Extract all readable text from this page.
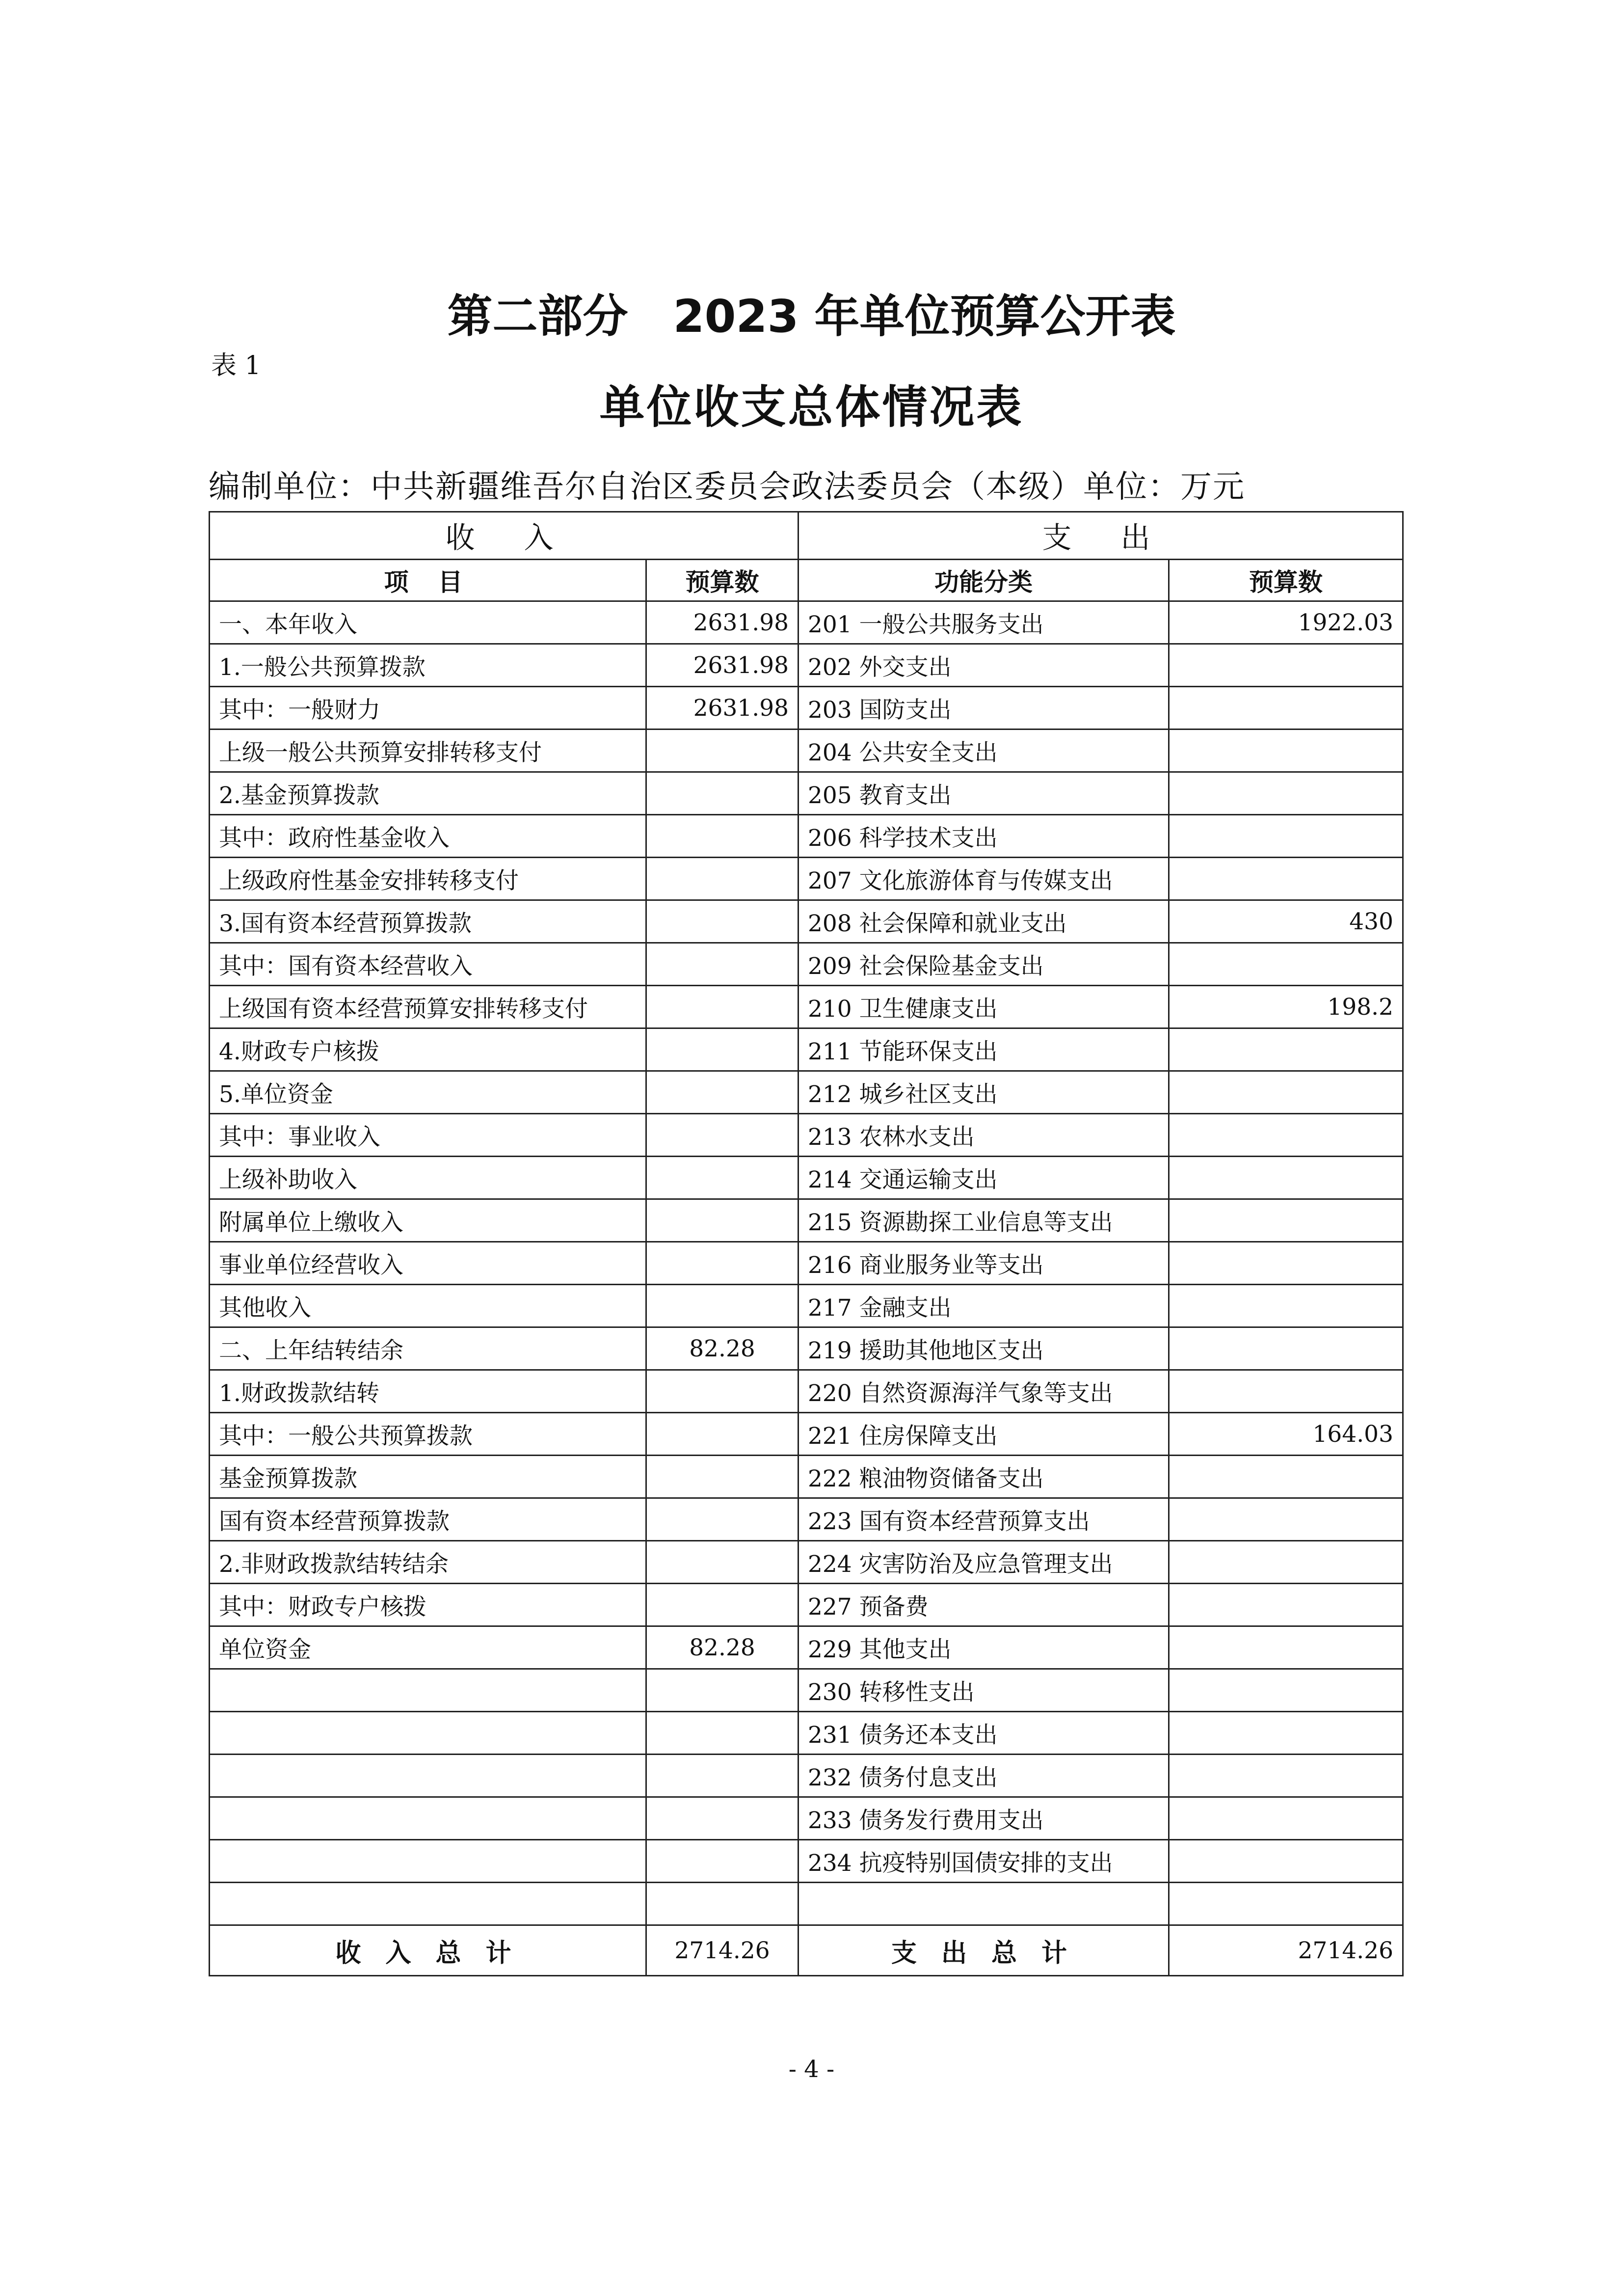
第二部分　2023 年单位预算公开表
表 1
单位收支总体情况表
编制单位：中共新疆维吾尔自治区委员会政法委员会（本级）单位：万元
收入		支出	
项目	预算数	功能分类	预算数
一、本年收入	2631.98	201 一般公共服务支出	1922.03
1.一般公共预算拨款	2631.98	202 外交支出	
其中：一般财力	2631.98	203 国防支出	
上级一般公共预算安排转移支付		204 公共安全支出	
2.基金预算拨款		205 教育支出	
其中：政府性基金收入		206 科学技术支出	
上级政府性基金安排转移支付		207 文化旅游体育与传媒支出	
3.国有资本经营预算拨款		208 社会保障和就业支出	430
其中：国有资本经营收入		209 社会保险基金支出	
上级国有资本经营预算安排转移支付		210 卫生健康支出	198.2
4.财政专户核拨		211 节能环保支出	
5.单位资金		212 城乡社区支出	
其中：事业收入		213 农林水支出	
上级补助收入		214 交通运输支出	
附属单位上缴收入		215 资源勘探工业信息等支出	
事业单位经营收入		216 商业服务业等支出	
其他收入		217 金融支出	
二、上年结转结余	82.28	219 援助其他地区支出	
1.财政拨款结转		220 自然资源海洋气象等支出	
其中：一般公共预算拨款		221 住房保障支出	164.03
基金预算拨款		222 粮油物资储备支出	
国有资本经营预算拨款		223 国有资本经营预算支出	
2.非财政拨款结转结余		224 灾害防治及应急管理支出	
其中：财政专户核拨		227 预备费	
单位资金	82.28	229 其他支出	
		230 转移性支出	
		231 债务还本支出	
		232 债务付息支出	
		233 债务发行费用支出	
		234 抗疫特别国债安排的支出	

收入总计	2714.26	支出总计	2714.26
- 4 -
